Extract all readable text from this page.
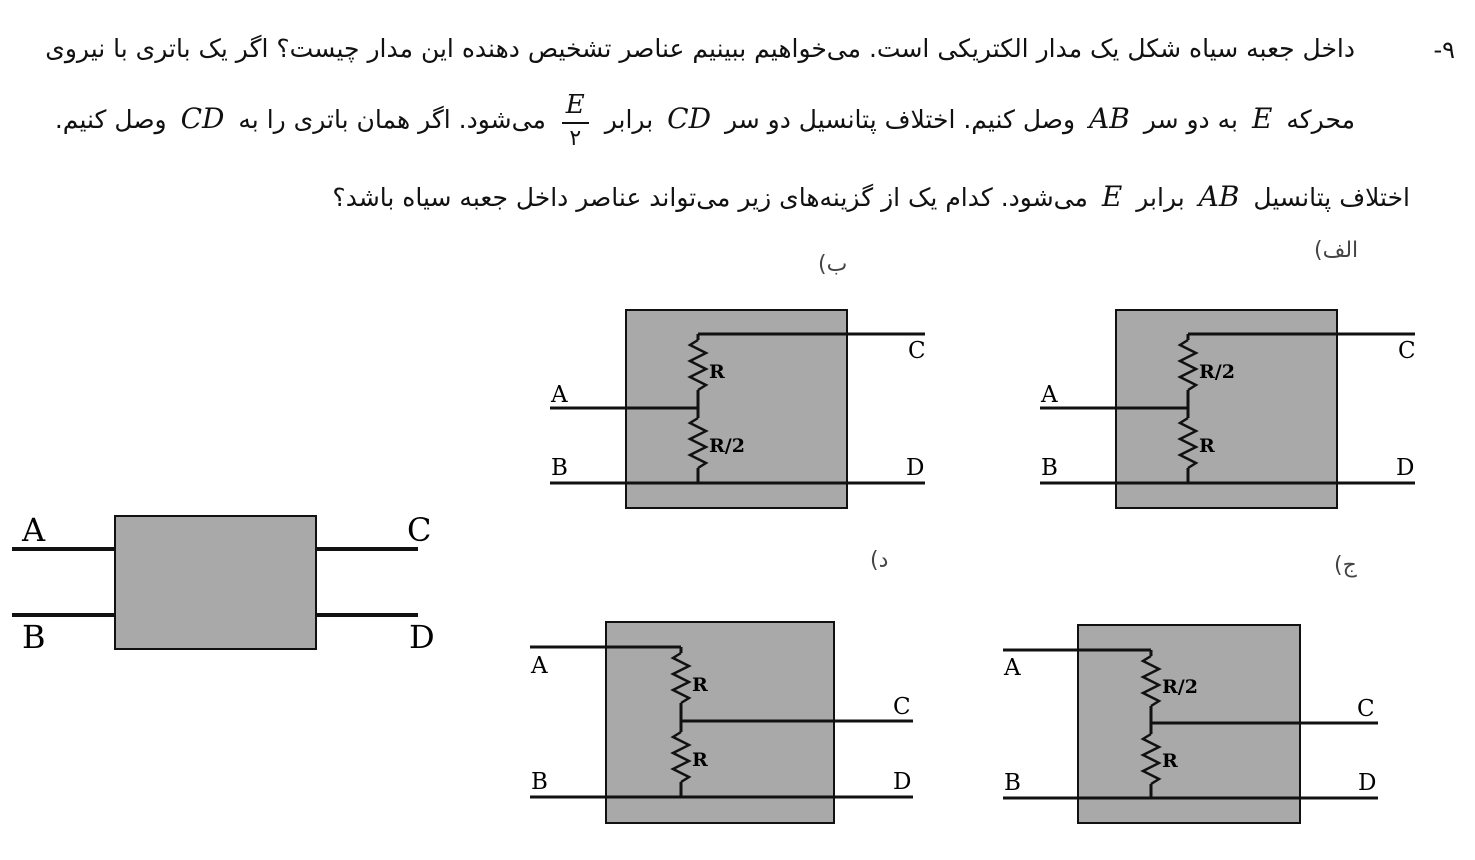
۹-
داخل جعبه سیاه شکل یک مدار الکتریکی است. می‌خواهیم ببینیم عناصر تشخیص دهنده این مدار چیست؟ اگر یک باتری با نیروی
محرکه E به دو سر AB وصل کنیم. اختلاف پتانسیل دو سر CD برابر
$\frac{E}{۲}$
می‌شود. اگر همان باتری را به CD وصل کنیم.
اختلاف پتانسیل AB برابر E می‌شود. کدام یک از گزینه‌های زیر می‌تواند عناصر داخل جعبه سیاه باشد؟
الف)
ب)
ج)
د)
A
B
C
D
R/2
R
A
B
C
D
R
R/2
A
B
C
D
R/2
R
A
B
C
D
R
R
A
B
C
D
